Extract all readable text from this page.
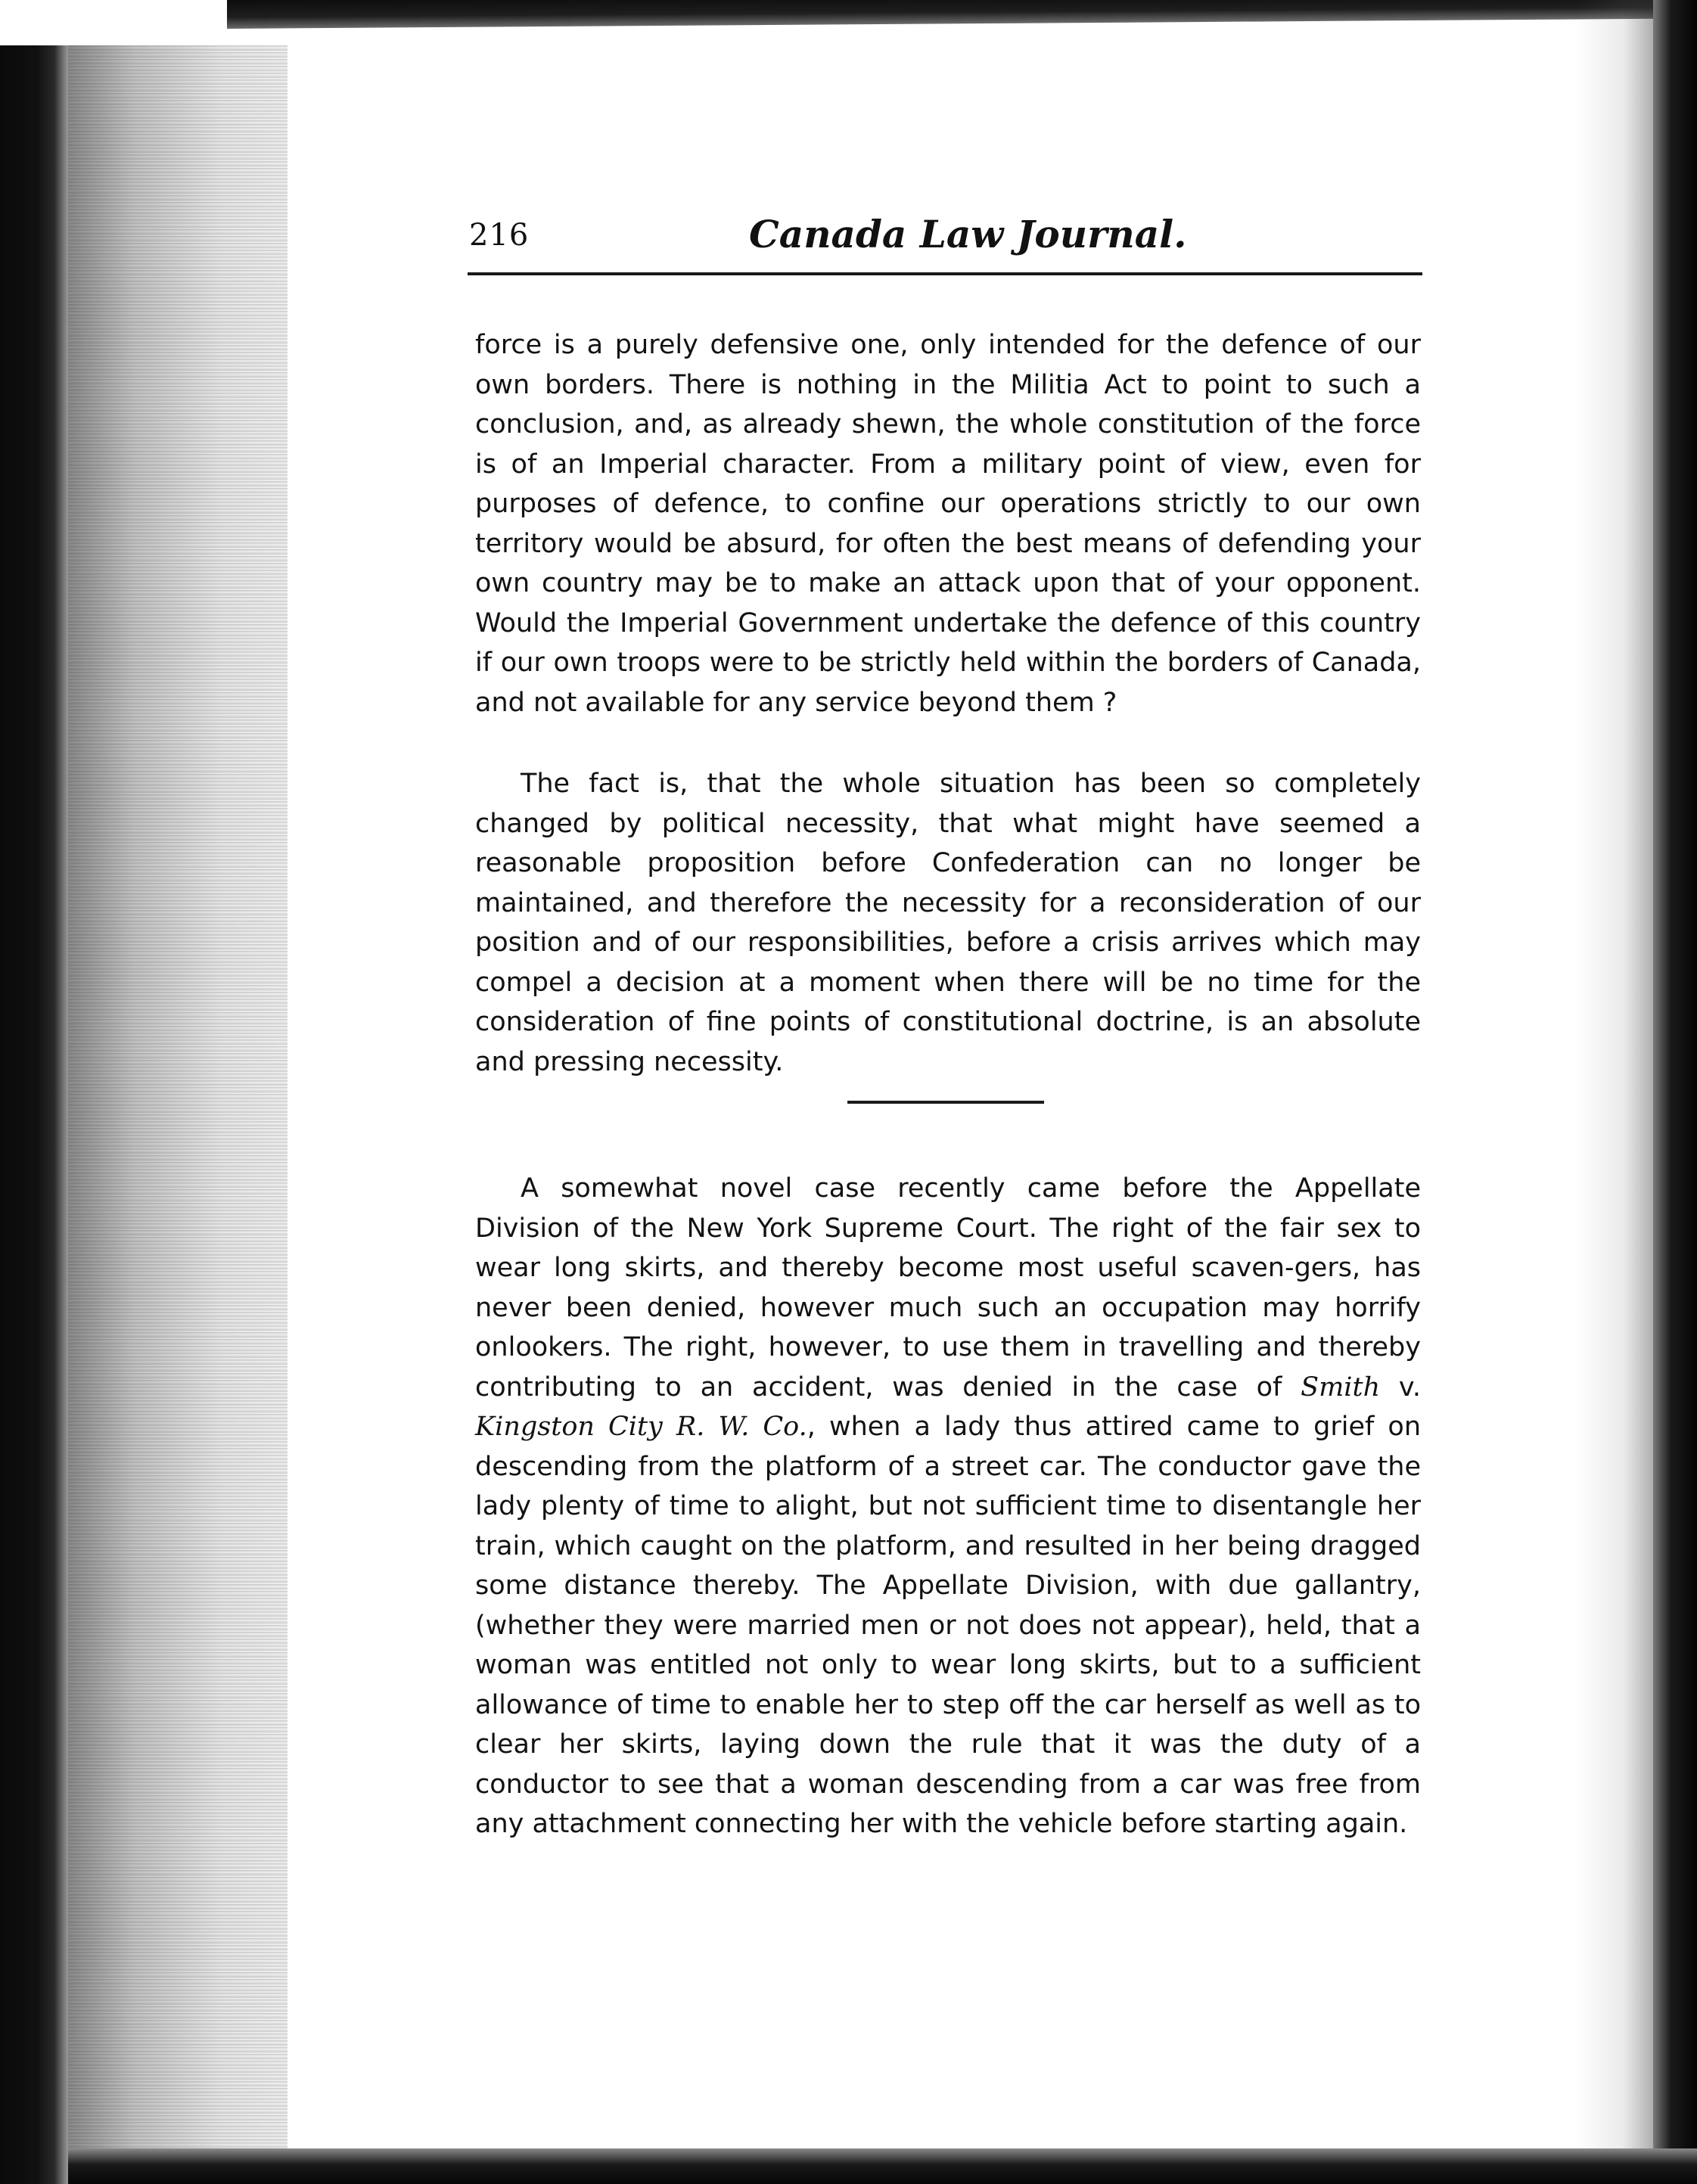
216	Canada Law Journal.

force is a purely defensive one, only intended for the defence of our own borders. There is nothing in the Militia Act to point to such a conclusion, and, as already shewn, the whole constitution of the force is of an Imperial character. From a military point of view, even for purposes of defence, to confine our operations strictly to our own territory would be absurd, for often the best means of defending your own country may be to make an attack upon that of your opponent. Would the Imperial Government undertake the defence of this country if our own troops were to be strictly held within the borders of Canada, and not available for any service beyond them ?

The fact is, that the whole situation has been so completely changed by political necessity, that what might have seemed a reasonable proposition before Confederation can no longer be maintained, and therefore the necessity for a reconsideration of our position and of our responsibilities, before a crisis arrives which may compel a decision at a moment when there will be no time for the consideration of fine points of constitutional doctrine, is an absolute and pressing necessity.

A somewhat novel case recently came before the Appellate Division of the New York Supreme Court. The right of the fair sex to wear long skirts, and thereby become most useful scaven-gers, has never been denied, however much such an occupation may horrify onlookers. The right, however, to use them in travelling and thereby contributing to an accident, was denied in the case of Smith v. Kingston City R. W. Co., when a lady thus attired came to grief on descending from the platform of a street car. The conductor gave the lady plenty of time to alight, but not sufficient time to disentangle her train, which caught on the platform, and resulted in her being dragged some distance thereby. The Appellate Division, with due gallantry, (whether they were married men or not does not appear), held, that a woman was entitled not only to wear long skirts, but to a sufficient allowance of time to enable her to step off the car herself as well as to clear her skirts, laying down the rule that it was the duty of a conductor to see that a woman descending from a car was free from any attachment connecting her with the vehicle before starting again.
